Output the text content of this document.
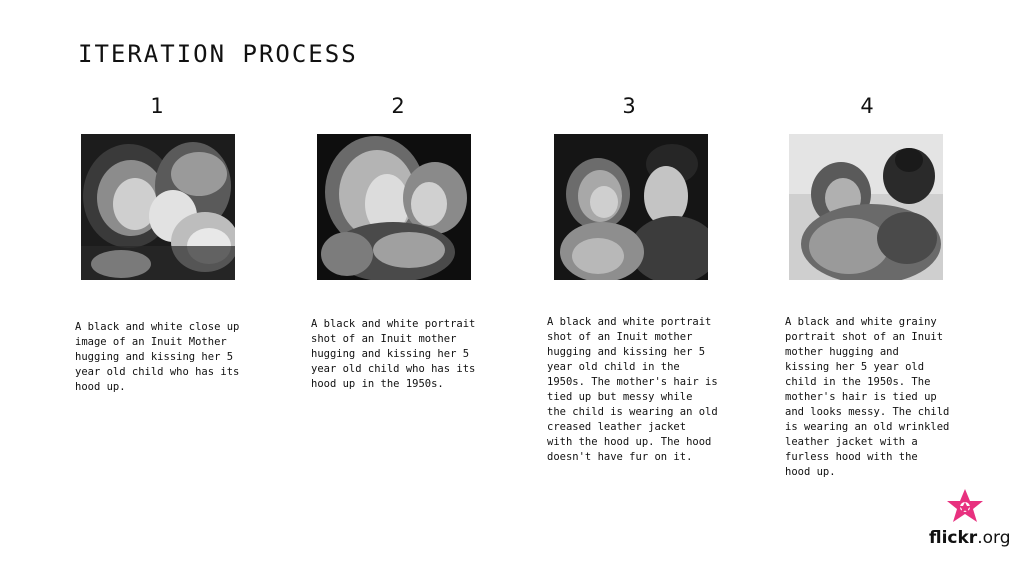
ITERATION PROCESS
1
A black and white close up
image of an Inuit Mother
hugging and kissing her 5
year old child who has its
hood up.
2
A black and white portrait
shot of an Inuit mother
hugging and kissing her 5
year old child who has its
hood up in the 1950s.
3
A black and white portrait
shot of an Inuit mother
hugging and kissing her 5
year old child in the
1950s. The mother's hair is
tied up but messy while
the child is wearing an old
creased leather jacket
with the hood up. The hood
doesn't have fur on it.
4
A black and white grainy
portrait shot of an Inuit
mother hugging and
kissing her 5 year old
child in the 1950s. The
mother's hair is tied up
and looks messy. The child
is wearing an old wrinkled
leather jacket with a
furless hood with the
hood up.
flickr.org
